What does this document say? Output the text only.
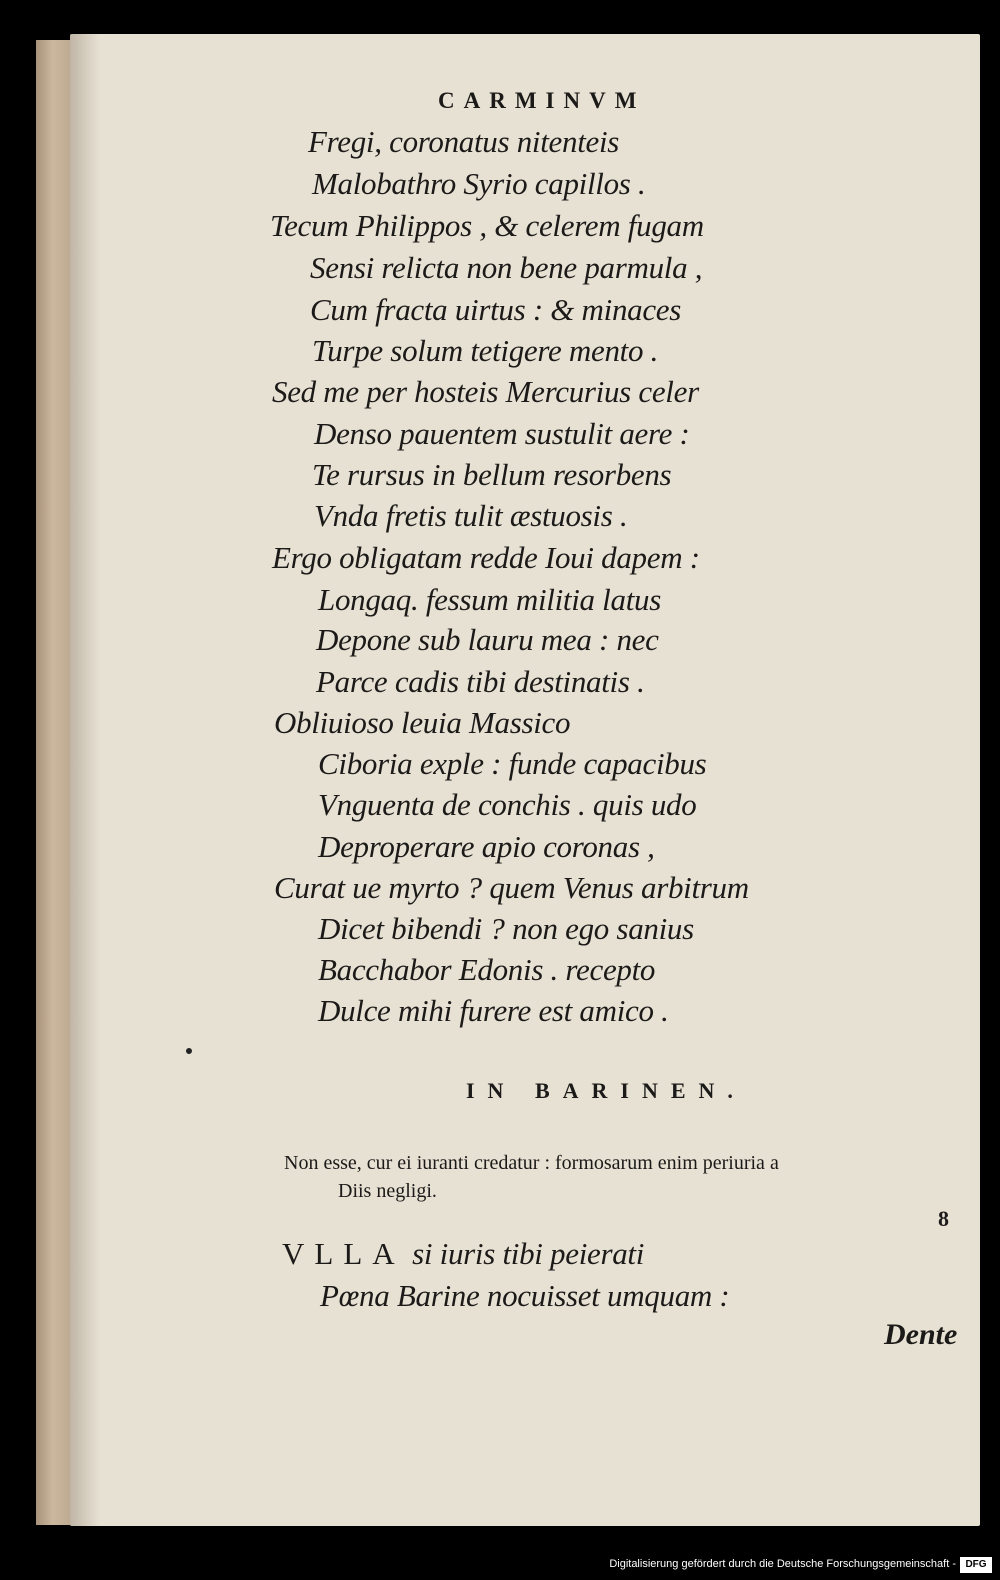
CARMINVM
Fregi, coronatus nitenteis
Malobathro Syrio capillos .
Tecum Philippos , & celerem fugam
Sensi relicta non bene parmula ,
Cum fracta uirtus : & minaces
Turpe solum tetigere mento .
Sed me per hosteis Mercurius celer
Denso pauentem sustulit aere :
Te rursus in bellum resorbens
Vnda fretis tulit æstuosis .
Ergo obligatam redde Ioui dapem :
Longaq. fessum militia latus
Depone sub lauru mea : nec
Parce cadis tibi destinatis .
Obliuioso leuia Massico
Ciboria exple : funde capacibus
Vnguenta de conchis . quis udo
Deproperare apio coronas ,
Curat ue myrto ? quem Venus arbitrum
Dicet bibendi ? non ego sanius
Bacchabor Edonis . recepto
Dulce mihi furere est amico .
IN BARINEN.
Non esse, cur ei iuranti credatur : formosarum enim periuria a
Diis negligi.
8
VLLA si iuris tibi peierati
Pœna Barine nocuisset umquam :
Dente
Digitalisierung gefördert durch die Deutsche Forschungsgemeinschaft - DFG
